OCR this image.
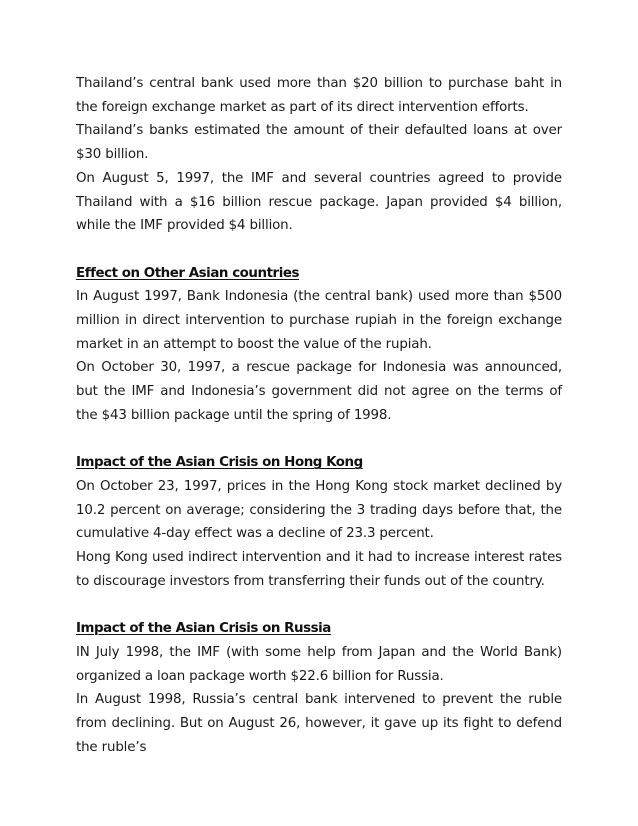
Thailand’s central bank used more than $20 billion to purchase baht in the foreign exchange market as part of its direct intervention efforts.

Thailand’s banks estimated the amount of their defaulted loans at over $30 billion.

On August 5, 1997, the IMF and several countries agreed to provide Thailand with a $16 billion rescue package. Japan provided $4 billion, while the IMF provided $4 billion.

Effect on Other Asian countries

In August 1997, Bank Indonesia (the central bank) used more than $500 million in direct intervention to purchase rupiah in the foreign exchange market in an attempt to boost the value of the rupiah.

On October 30, 1997, a rescue package for Indonesia was announced, but the IMF and Indonesia’s government did not agree on the terms of the $43 billion package until the spring of 1998.

Impact of the Asian Crisis on Hong Kong

On October 23, 1997, prices in the Hong Kong stock market declined by 10.2 percent on average; considering the 3 trading days before that, the cumulative 4-day effect was a decline of 23.3 percent.

Hong Kong used indirect intervention and it had to increase interest rates to discourage investors from transferring their funds out of the country.

Impact of the Asian Crisis on Russia

IN July 1998, the IMF (with some help from Japan and the World Bank) organized a loan package worth $22.6 billion for Russia.

In August 1998, Russia’s central bank intervened to prevent the ruble from declining. But on August 26, however, it gave up its fight to defend the ruble’s
